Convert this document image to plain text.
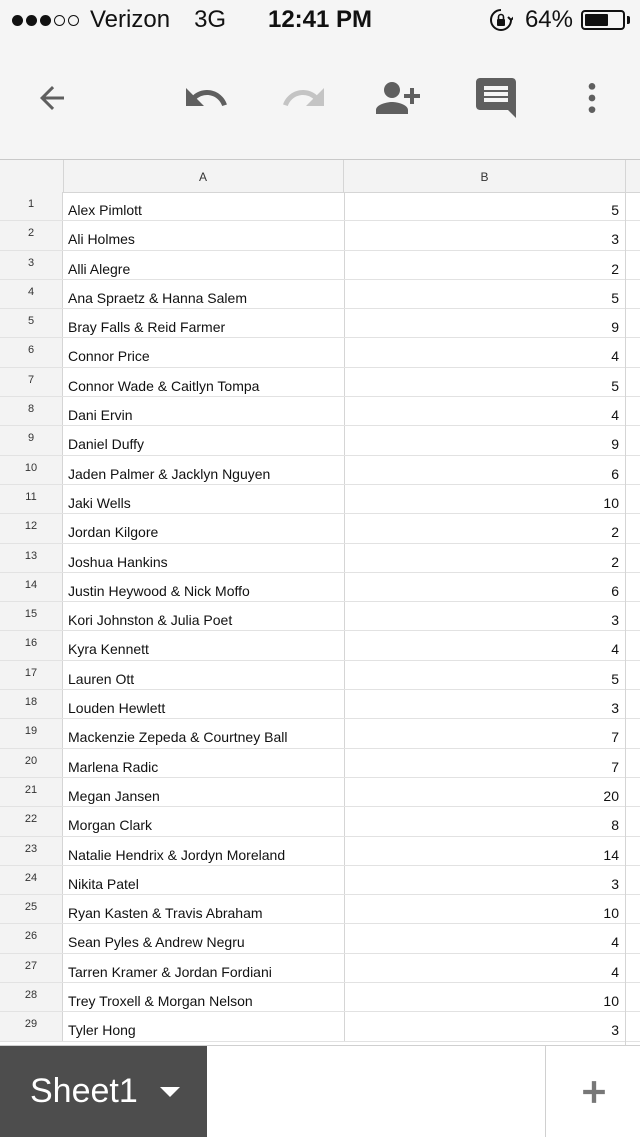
Verizon 3G	12:41 PM	64%
A	B
1	Alex Pimlott	5
2	Ali Holmes	3
3	Alli Alegre	2
4	Ana Spraetz & Hanna Salem	5
5	Bray Falls & Reid Farmer	9
6	Connor Price	4
7	Connor Wade & Caitlyn Tompa	5
8	Dani Ervin	4
9	Daniel Duffy	9
10	Jaden Palmer & Jacklyn Nguyen	6
11	Jaki Wells	10
12	Jordan Kilgore	2
13	Joshua Hankins	2
14	Justin Heywood & Nick Moffo	6
15	Kori Johnston & Julia Poet	3
16	Kyra Kennett	4
17	Lauren Ott	5
18	Louden Hewlett	3
19	Mackenzie Zepeda & Courtney Ball	7
20	Marlena Radic	7
21	Megan Jansen	20
22	Morgan Clark	8
23	Natalie Hendrix & Jordyn Moreland	14
24	Nikita Patel	3
25	Ryan Kasten & Travis Abraham	10
26	Sean Pyles & Andrew Negru	4
27	Tarren Kramer & Jordan Fordiani	4
28	Trey Troxell & Morgan Nelson	10
29	Tyler Hong	3
Sheet1
